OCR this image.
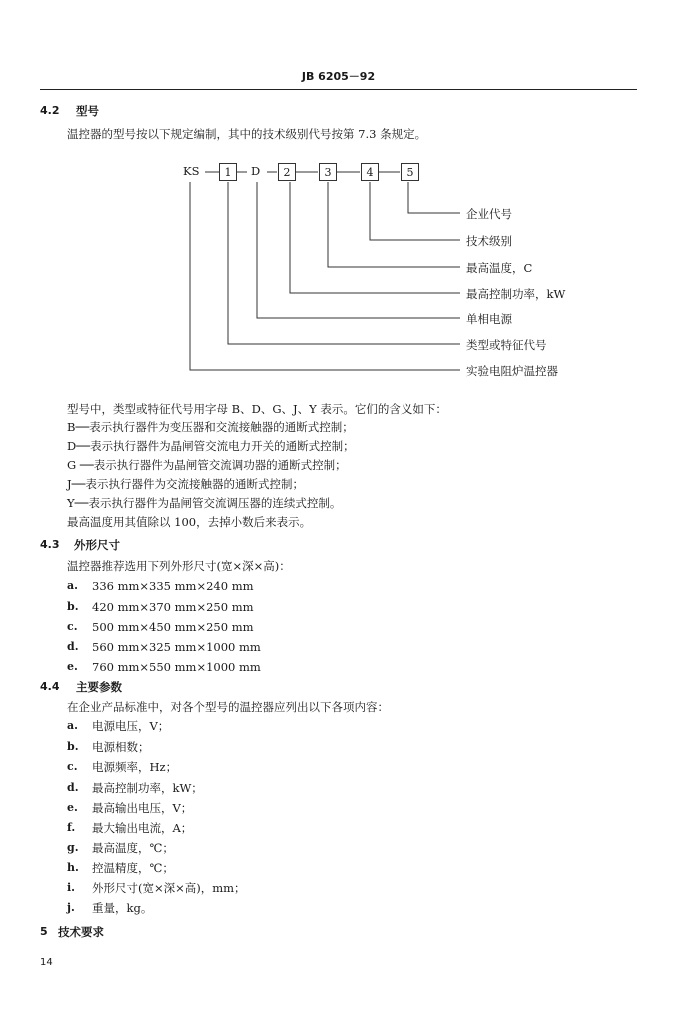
JB 6205－92
4.2 型号
温控器的型号按以下规定编制，其中的技术级别代号按第 7.3 条规定。
KS	1	D	2	3	4	5
企业代号
技术级别
最高温度，C
最高控制功率，kW
单相电源
类型或特征代号
实验电阻炉温控器
型号中，类型或特征代号用字母 B、D、G、J、Y 表示。它们的含义如下：
B──表示执行器件为变压器和交流接触器的通断式控制；
D──表示执行器件为晶闸管交流电力开关的通断式控制；
G ──表示执行器件为晶闸管交流调功器的通断式控制；
J──表示执行器件为交流接触器的通断式控制；
Y──表示执行器件为晶闸管交流调压器的连续式控制。
最高温度用其值除以 100，去掉小数后来表示。
4.3 外形尺寸
温控器推荐选用下列外形尺寸(宽×深×高)：
a. 336 mm×335 mm×240 mm
b. 420 mm×370 mm×250 mm
c. 500 mm×450 mm×250 mm
d. 560 mm×325 mm×1000 mm
e. 760 mm×550 mm×1000 mm
4.4 主要参数
在企业产品标准中，对各个型号的温控器应列出以下各项内容：
a. 电源电压，V；
b. 电源相数；
c. 电源频率，Hz；
d. 最高控制功率，kW；
e. 最高输出电压，V；
f. 最大输出电流，A；
g. 最高温度，℃；
h. 控温精度，℃；
i. 外形尺寸(宽×深×高)，mm；
j. 重量，kg。
5 技术要求
14
